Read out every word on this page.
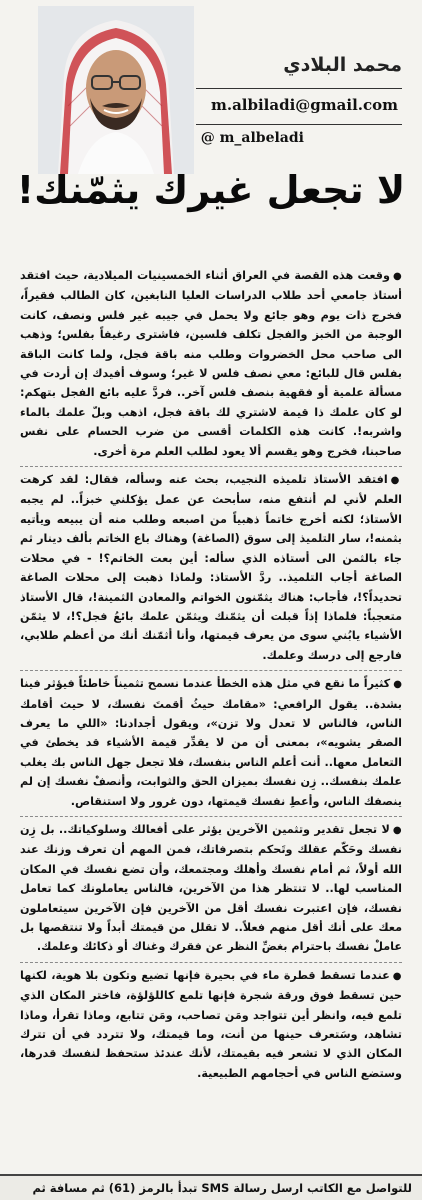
محمد البلادي
m.albiladi@gmail.com
@ m_albeladi
لا تجعل غيرك يثمّنك!

●وقعت هذه القصة في العراق أثناء الخمسينيات الميلادية، حيث افتقد أستاذ جامعي أحد طلاب الدراسات العليا النابغين، كان الطالب فقيراً، فخرج ذات يوم وهو جائع ولا يحمل في جيبه غير فلس ونصف، كانت الوجبة من الخبز والفجل تكلف فلسين، فاشترى رغيفاً بفلس؛ وذهب الى صاحب محل الخضروات وطلب منه باقة فجل، ولما كانت الباقة بفلس قال للبائع: معي نصف فلس لا غير؛ وسوف أفيدك إن أردت في مسألة علمية أو فقهية بنصف فلس آخر.. فردَّ عليه بائع الفجل بتهكم: لو كان علمك ذا قيمة لاشتري لك باقة فجل، اذهب وبلّ علمك بالماء واشربه!. كانت هذه الكلمات أقسى من ضرب الحسام على نفس صاحبنا، فخرج وهو يقسم ألا يعود لطلب العلم مرة أخرى.

●افتقد الأستاذ تلميذه النجيب، بحث عنه وسأله، فقال: لقد كرهت العلم لأني لم أنتفع منه، سأبحث عن عمل يؤكلني خبزاً.. لم يجبه الأستاذ؛ لكنه أخرج خاتماً ذهبياً من اصبعه وطلب منه أن يبيعه ويأتيه بثمنه!، سار التلميذ إلى سوق (الصاغة) وهناك باع الخاتم بألف دينار ثم جاء بالثمن الى أستاذه الذي سأله: أين بعت الخاتم؟! - في محلات الصاغة أجاب التلميذ.. ردَّ الأستاذ: ولماذا ذهبت إلى محلات الصاغة تحديداً؟!، فأجاب: هناك يثمّنون الخواتم والمعادن الثمينة!، قال الأستاذ متعجباً: فلماذا إذاً قبلت أن يثمّنك ويثمّن علمك بائعُ فجل؟!، لا يثمّن الأشياء يابُني سوى من يعرف قيمتها، وأنا أثمّنك أنك من أعظم طلابي، فارجع إلى درسك وعلمك.

●كثيراً ما نقع في مثل هذه الخطأ عندما نسمح تثميناً خاطئاً فيؤثر فينا بشدة.. يقول الرافعي: «مقامك حيثُ أقمتَ نفسك، لا حيث أقامك الناس، فالناس لا تعدل ولا تزن»، ويقول أجدادنا: «اللي ما يعرف الصقر يشويه»، بمعنى أن من لا يقدِّر قيمة الأشياء قد يخطئ في التعامل معها.. أنت أعلم الناس بنفسك، فلا تجعل جهل الناس بك يغلب علمك بنفسك.. زِن نفسك بميزان الحق والثوابت، وأنصفْ نفسك إن لم ينصفك الناس، وأعطِ نفسك قيمتها، دون غرور ولا استنقاص.

●لا تجعل تقدير وتثمين الآخرين يؤثر على أفعالك وسلوكياتك.. بل زِن نفسك وحَكّم عقلك وتَحكم بتصرفاتك، فمن المهم أن تعرف وزنك عند الله أولاً، ثم أمام نفسك وأهلك ومجتمعك، وأن تضع نفسك في المكان المناسب لها.. لا تنتظر هذا من الآخرين، فالناس يعاملونك كما تعامل نفسك، فإن اعتبرت نفسك أقل من الآخرين فإن الآخرين سيتعاملون معك على أنك أقل منهم فعلاً.. لا تقلل من قيمتك أبداً ولا تنتقصها بل عاملْ نفسك باحترام بغضِّ النظر عن فقرك وغناك أو ذكائك وعلمك.

●عندما تسقط قطرة ماء في بحيرة فإنها تضيع وتكون بلا هوية، لكنها حين تسقط فوق ورقة شجرة فإنها تلمع كاللؤلؤة، فاختر المكان الذي تلمع فيه، وانظر أين تتواجد ومَن تصاحب، ومَن تتابع، وماذا تقرأ، وماذا تشاهد، وسَتعرف حينها من أنت، وما قيمتك، ولا تتردد في أن تترك المكان الذي لا تشعر فيه بقيمتك، لأنك عندئذ ستحفظ لنفسك قدرها، وستضع الناس في أحجامهم الطبيعية.

للتواصل مع الكاتب ارسل رسالة SMS تبدأ بالرمز (61) ثم مسافة ثم
